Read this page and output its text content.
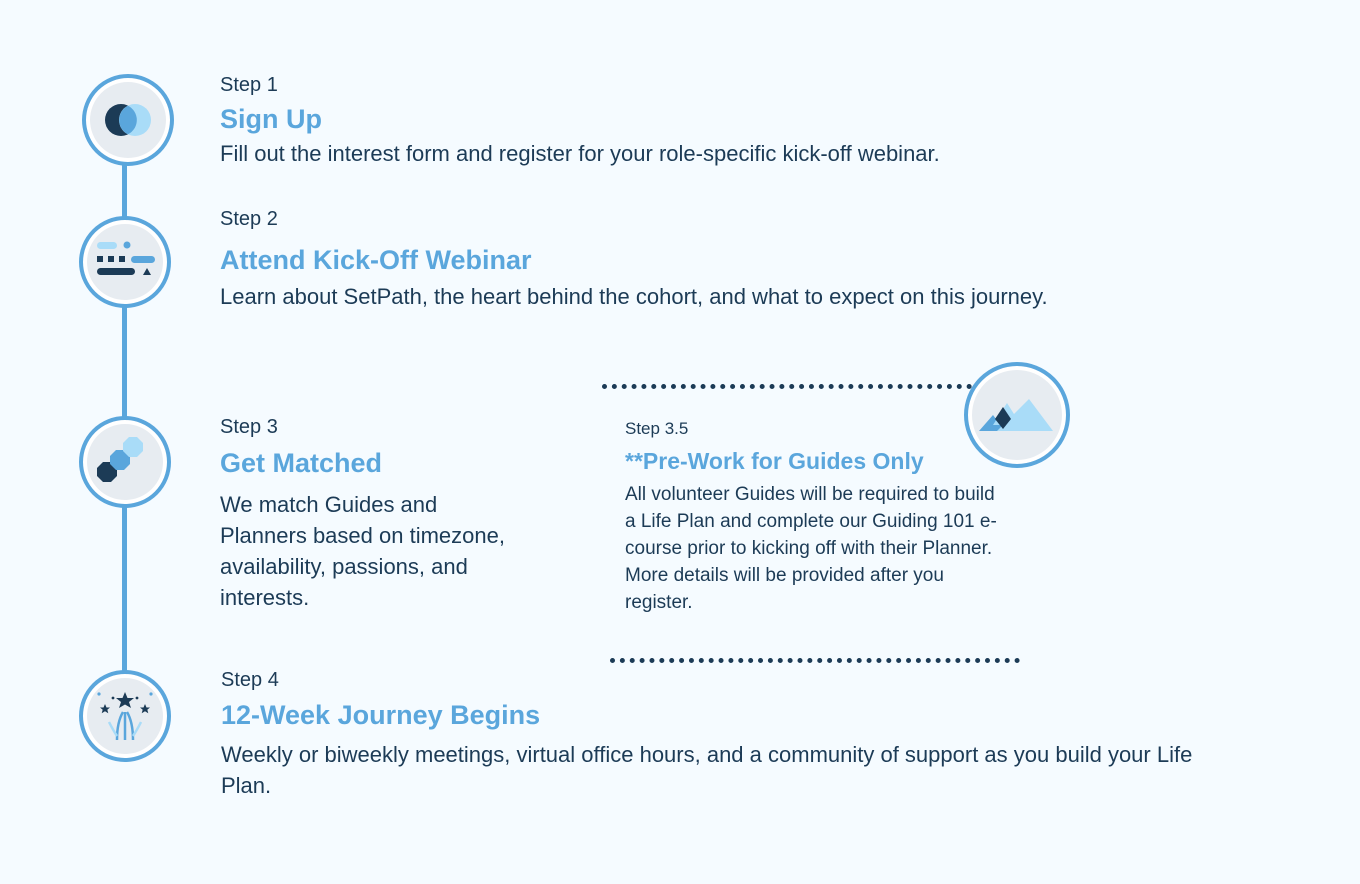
Step 1
Sign Up
Fill out the interest form and register for your role-specific kick-off webinar.
Step 2
Attend Kick-Off Webinar
Learn about SetPath, the heart behind the cohort, and what to expect on this journey.
Step 3
Get Matched
We match Guides and Planners based on timezone, availability, passions, and interests.
Step 3.5
**Pre-Work for Guides Only
All volunteer Guides will be required to build a Life Plan and complete our Guiding 101 e-course prior to kicking off with their Planner. More details will be provided after you register.
Step 4
12-Week Journey Begins
Weekly or biweekly meetings, virtual office hours, and a community of support as you build your Life Plan.
